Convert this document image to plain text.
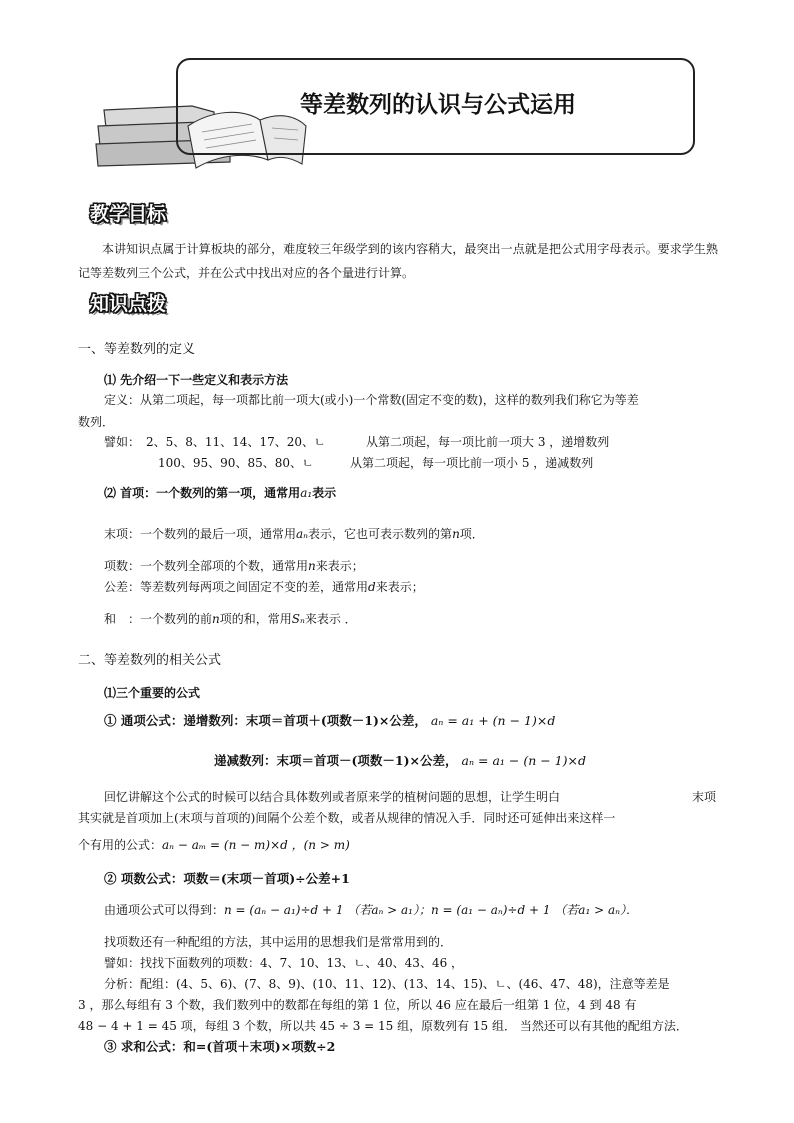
等差数列的认识与公式运用
教学目标
本讲知识点属于计算板块的部分，难度较三年级学到的该内容稍大，最突出一点就是把公式用字母表示。要求学生熟记等差数列三个公式，并在公式中找出对应的各个量进行计算。
知识点拨
一、等差数列的定义
⑴ 先介绍一下一些定义和表示方法
定义：从第二项起，每一项都比前一项大(或小)一个常数(固定不变的数)，这样的数列我们称它为等差
数列．
譬如： 2、5、8、11、14、17、20、ㄴ	从第二项起，每一项比前一项大 3 ，递增数列
100、95、90、85、80、ㄴ	从第二项起，每一项比前一项小 5 ，递减数列
⑵ 首项：一个数列的第一项，通常用a₁表示
末项：一个数列的最后一项，通常用aₙ表示，它也可表示数列的第n项．
项数：一个数列全部项的个数，通常用n来表示；
公差：等差数列每两项之间固定不变的差，通常用d来表示；
和　：一个数列的前n项的和，常用Sₙ来表示 ．
二、等差数列的相关公式
⑴三个重要的公式
① 通项公式：递增数列：末项＝首项＋(项数－1)×公差， aₙ = a₁ + (n − 1)×d
递减数列：末项＝首项－(项数－1)×公差， aₙ = a₁ − (n − 1)×d
回忆讲解这个公式的时候可以结合具体数列或者原来学的植树问题的思想，让学生明白	末项
其实就是首项加上(末项与首项的)间隔个公差个数，或者从规律的情况入手．同时还可延伸出来这样一
个有用的公式：aₙ − aₘ = (n − m)×d ，(n > m)
② 项数公式：项数＝(末项－首项)÷公差+1
由通项公式可以得到：n = (aₙ − a₁)÷d + 1 （若aₙ > a₁）；n = (a₁ − aₙ)÷d + 1 （若a₁ > aₙ）．
找项数还有一种配组的方法，其中运用的思想我们是常常用到的．
譬如：找找下面数列的项数：4、7、10、13、ㄴ、40、43、46 ，
分析：配组：(4、5、6)、(7、8、9)、(10、11、12)、(13、14、15)、ㄴ、(46、47、48)，注意等差是
3 ，那么每组有 3 个数，我们数列中的数都在每组的第 1 位，所以 46 应在最后一组第 1 位，4 到 48 有
48 − 4 + 1 = 45 项，每组 3 个数，所以共 45 ÷ 3 = 15 组，原数列有 15 组． 当然还可以有其他的配组方法．
③ 求和公式：和=(首项＋末项)×项数÷2
